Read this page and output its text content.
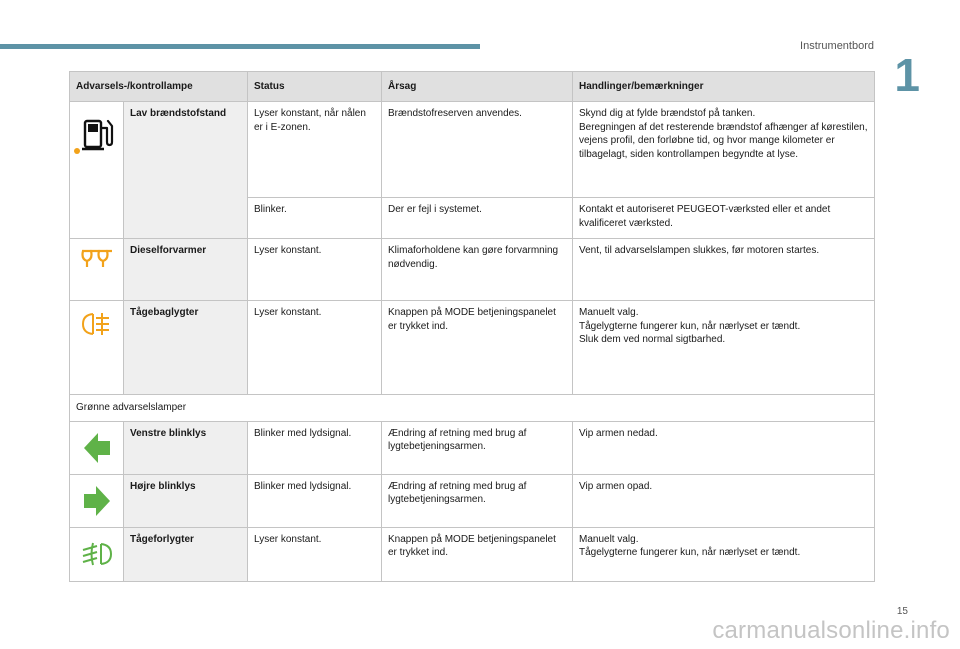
Instrumentbord
1
Advarsels-/kontrollampe		Status	Årsag	Handlinger/bemærkninger

	Lav brændstofstand	Lyser konstant, når nålen er i E-zonen.	Brændstofreserven anvendes.	Skynd dig at fylde brændstof på tanken.
Beregningen af det resterende brændstof afhænger af kørestilen, vejens profil, den forløbne tid, og hvor mange kilometer er tilbagelagt, siden kontrollampen begyndte at lyse.
		Blinker.	Der er fejl i systemet.	Kontakt et autoriseret PEUGEOT-værksted eller et andet kvalificeret værksted.
	Dieselforvarmer	Lyser konstant.	Klimaforholdene kan gøre forvarmning nødvendig.	Vent, til advarselslampen slukkes, før motoren startes.
	Tågebaglygter	Lyser konstant.	Knappen på MODE betjeningspanelet er trykket ind.	Manuelt valg.
Tågelygterne fungerer kun, når nærlyset er tændt.
Sluk dem ved normal sigtbarhed.
Grønne advarselslamper				
	Venstre blinklys	Blinker med lydsignal.	Ændring af retning med brug af lygtebetjeningsarmen.	Vip armen nedad.
	Højre blinklys	Blinker med lydsignal.	Ændring af retning med brug af lygtebetjeningsarmen.	Vip armen opad.
	Tågeforlygter	Lyser konstant.	Knappen på MODE betjeningspanelet er trykket ind.	Manuelt valg.
Tågelygterne fungerer kun, når nærlyset er tændt.
15
carmanualsonline.info
